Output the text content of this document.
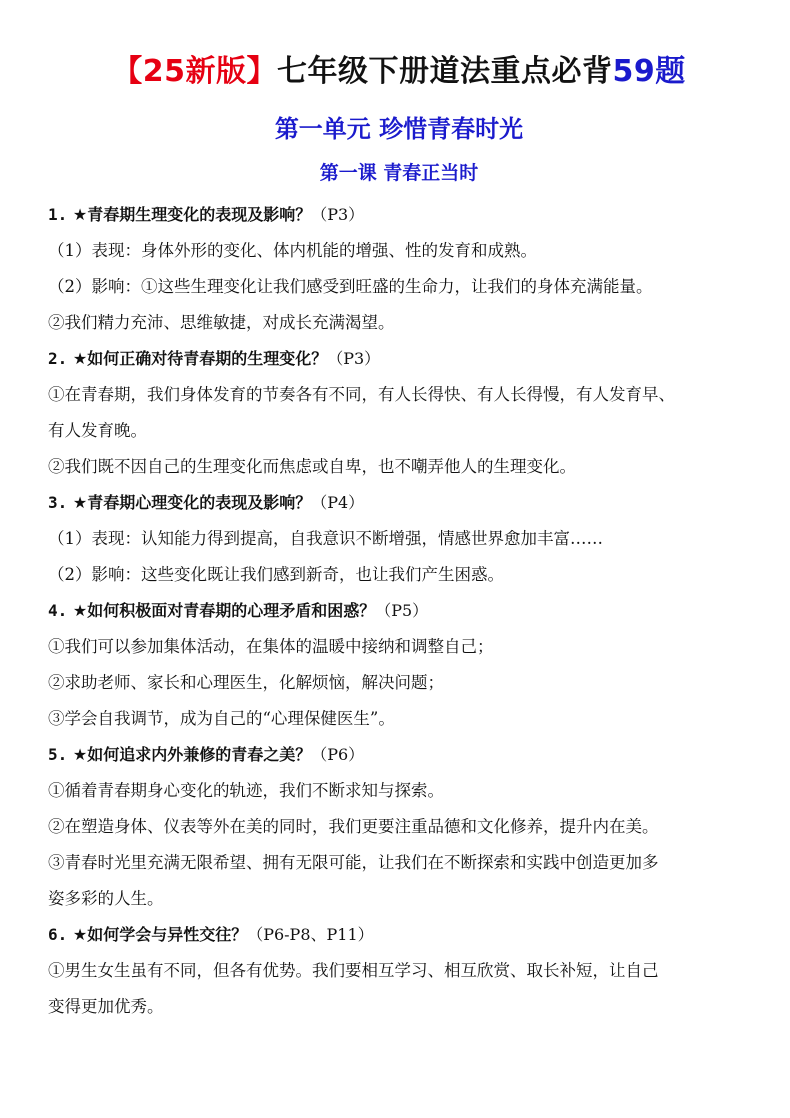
【25新版】七年级下册道法重点必背59题
第一单元 珍惜青春时光
第一课 青春正当时
1. ★青春期生理变化的表现及影响？（P3）
（1）表现：身体外形的变化、体内机能的增强、性的发育和成熟。
（2）影响：①这些生理变化让我们感受到旺盛的生命力，让我们的身体充满能量。
②我们精力充沛、思维敏捷，对成长充满渴望。
2. ★如何正确对待青春期的生理变化？（P3）
①在青春期，我们身体发育的节奏各有不同，有人长得快、有人长得慢，有人发育早、
有人发育晚。
②我们既不因自己的生理变化而焦虑或自卑，也不嘲弄他人的生理变化。
3. ★青春期心理变化的表现及影响？（P4）
（1）表现：认知能力得到提高，自我意识不断增强，情感世界愈加丰富……
（2）影响：这些变化既让我们感到新奇，也让我们产生困惑。
4. ★如何积极面对青春期的心理矛盾和困惑？（P5）
①我们可以参加集体活动，在集体的温暖中接纳和调整自己；
②求助老师、家长和心理医生，化解烦恼，解决问题；
③学会自我调节，成为自己的“心理保健医生”。
5. ★如何追求内外兼修的青春之美？（P6）
①循着青春期身心变化的轨迹，我们不断求知与探索。
②在塑造身体、仪表等外在美的同时，我们更要注重品德和文化修养，提升内在美。
③青春时光里充满无限希望、拥有无限可能，让我们在不断探索和实践中创造更加多
姿多彩的人生。
6. ★如何学会与异性交往？（P6-P8、P11）
①男生女生虽有不同，但各有优势。我们要相互学习、相互欣赏、取长补短，让自己
变得更加优秀。
